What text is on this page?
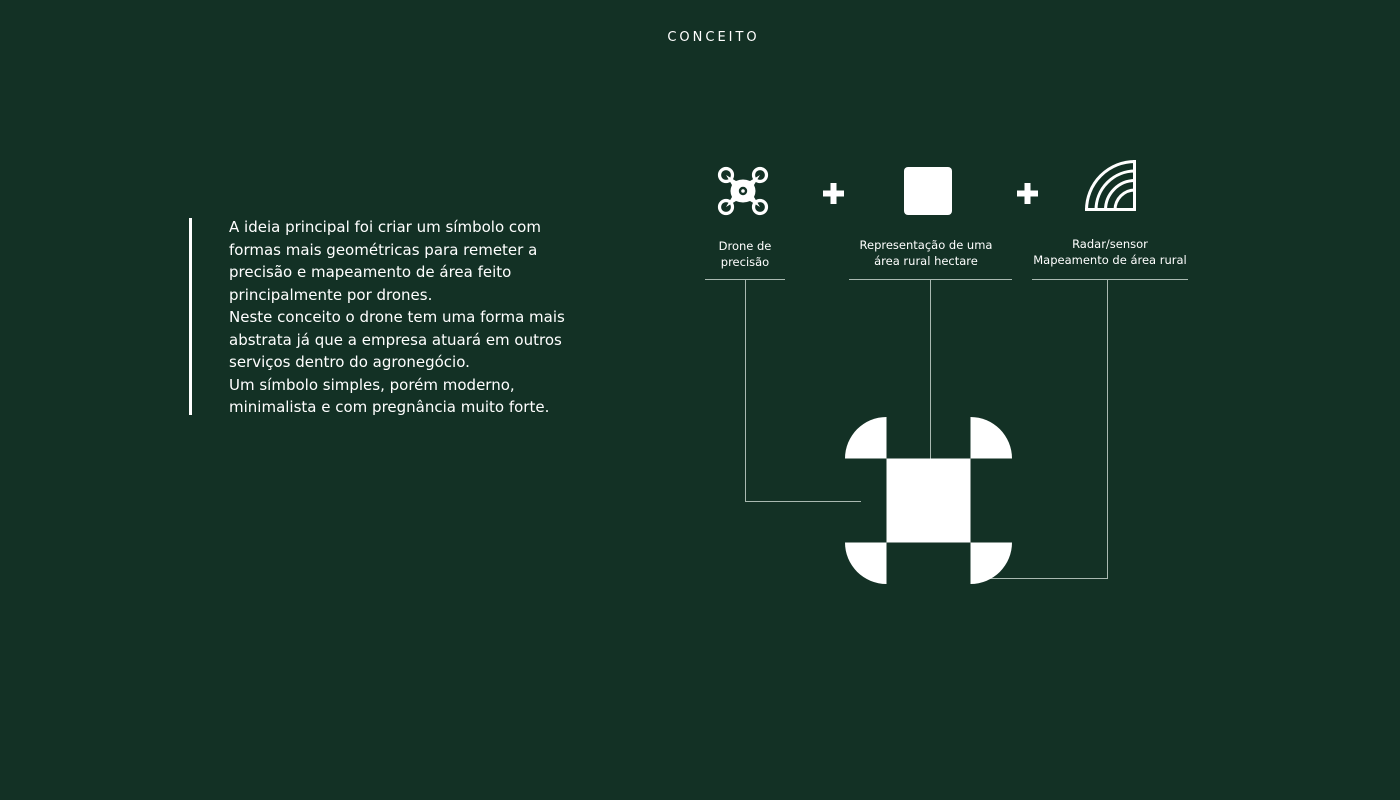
CONCEITO

A ideia principal foi criar um símbolo com
formas mais geométricas para remeter a
precisão e mapeamento de área feito
principalmente por drones.
Neste conceito o drone tem uma forma mais
abstrata já que a empresa atuará em outros
serviços dentro do agronegócio.
Um símbolo simples, porém moderno,
minimalista e com pregnância muito forte.

Drone de
precisão
Representação de uma
área rural hectare
Radar/sensor
Mapeamento de área rural
